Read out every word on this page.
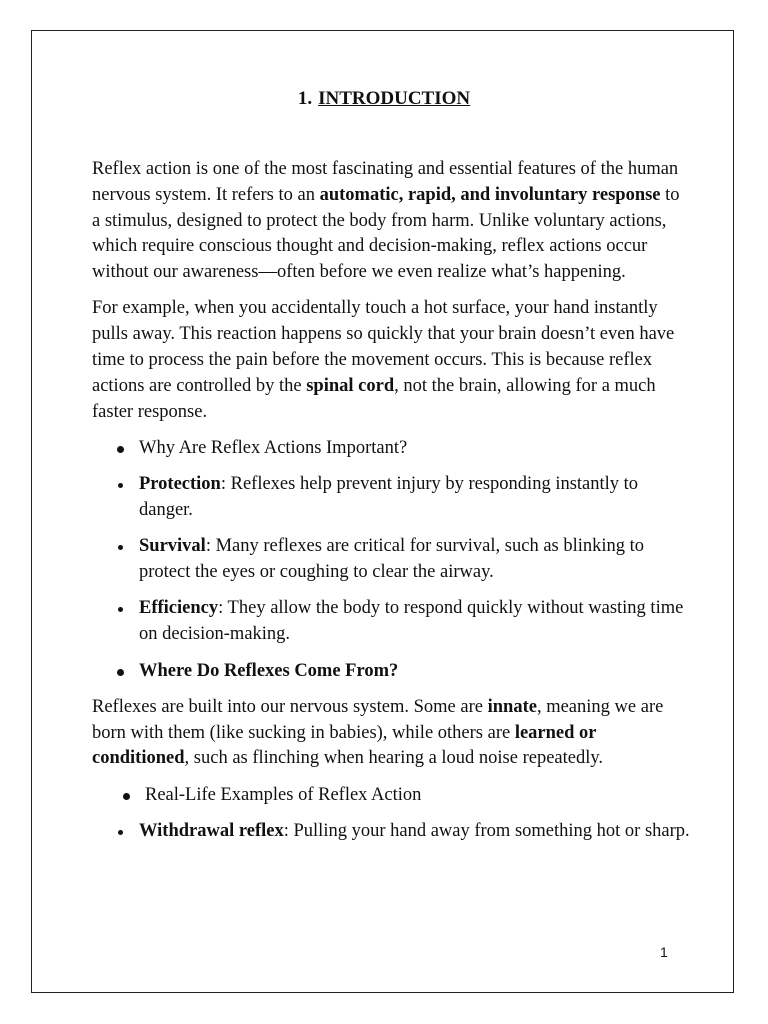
1. INTRODUCTION

Reflex action is one of the most fascinating and essential features of the human nervous system. It refers to an automatic, rapid, and involuntary response to a stimulus, designed to protect the body from harm. Unlike voluntary actions, which require conscious thought and decision-making, reflex actions occur without our awareness—often before we even realize what’s happening.

For example, when you accidentally touch a hot surface, your hand instantly pulls away. This reaction happens so quickly that your brain doesn’t even have time to process the pain before the movement occurs. This is because reflex actions are controlled by the spinal cord, not the brain, allowing for a much faster response.

Why Are Reflex Actions Important?
Protection: Reflexes help prevent injury by responding instantly to danger.
Survival: Many reflexes are critical for survival, such as blinking to protect the eyes or coughing to clear the airway.
Efficiency: They allow the body to respond quickly without wasting time on decision-making.
Where Do Reflexes Come From?

Reflexes are built into our nervous system. Some are innate, meaning we are born with them (like sucking in babies), while others are learned or conditioned, such as flinching when hearing a loud noise repeatedly.

Real-Life Examples of Reflex Action
Withdrawal reflex: Pulling your hand away from something hot or sharp.
1
